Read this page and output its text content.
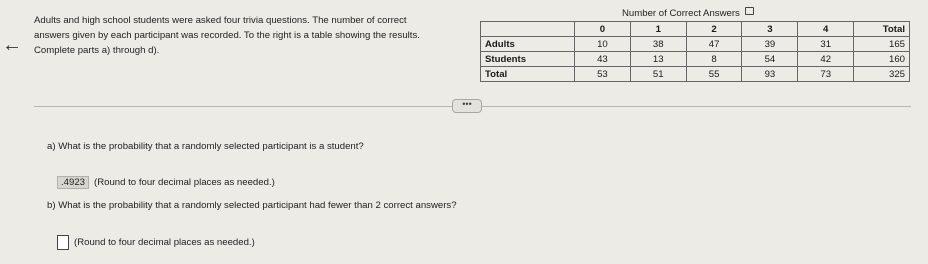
←

Adults and high school students were asked four trivia questions. The number of correct

answers given by each participant was recorded. To the right is a table showing the results.

Complete parts a) through d).

Number of Correct Answers
	0	1	2	3	4	Total
Adults	10	38	47	39	31	165
Students	43	13	8	54	42	160
Total	53	51	55	93	73	325
•••
a) What is the probability that a randomly selected participant is a student?
.4923 (Round to four decimal places as needed.)
b) What is the probability that a randomly selected participant had fewer than 2 correct answers?
(Round to four decimal places as needed.)
